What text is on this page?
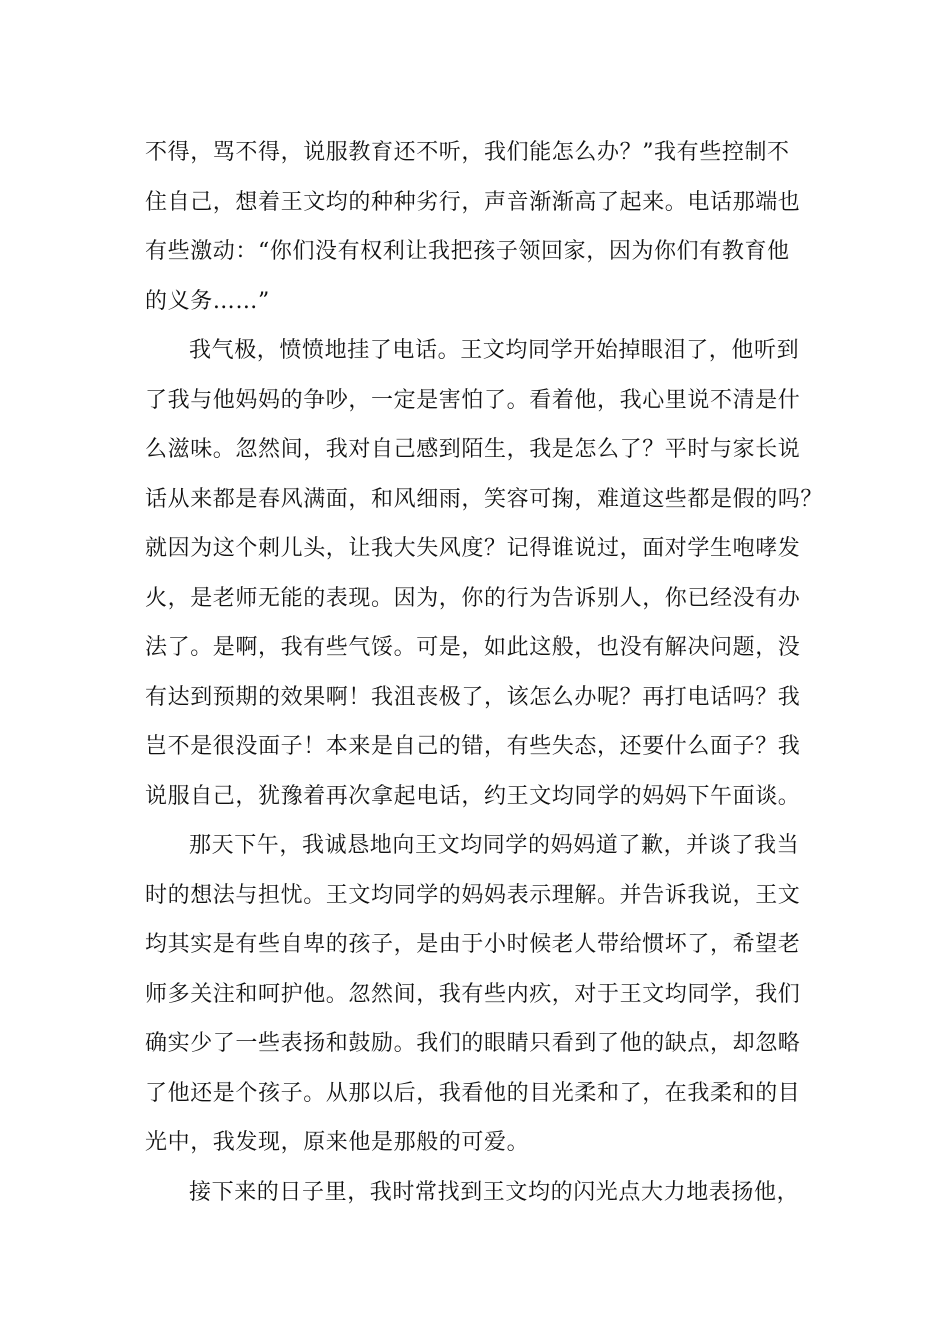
不得，骂不得，说服教育还不听，我们能怎么办？”我有些控制不
住自己，想着王文均的种种劣行，声音渐渐高了起来。电话那端也
有些激动：“你们没有权利让我把孩子领回家，因为你们有教育他
的义务……”
我气极，愤愤地挂了电话。王文均同学开始掉眼泪了，他听到
了我与他妈妈的争吵，一定是害怕了。看着他，我心里说不清是什
么滋味。忽然间，我对自己感到陌生，我是怎么了？平时与家长说
话从来都是春风满面，和风细雨，笑容可掬，难道这些都是假的吗？
就因为这个刺儿头，让我大失风度？记得谁说过，面对学生咆哮发
火，是老师无能的表现。因为，你的行为告诉别人，你已经没有办
法了。是啊，我有些气馁。可是，如此这般，也没有解决问题，没
有达到预期的效果啊！我沮丧极了，该怎么办呢？再打电话吗？我
岂不是很没面子！本来是自己的错，有些失态，还要什么面子？我
说服自己，犹豫着再次拿起电话，约王文均同学的妈妈下午面谈。
那天下午，我诚恳地向王文均同学的妈妈道了歉，并谈了我当
时的想法与担忧。王文均同学的妈妈表示理解。并告诉我说，王文
均其实是有些自卑的孩子，是由于小时候老人带给惯坏了，希望老
师多关注和呵护他。忽然间，我有些内疚，对于王文均同学，我们
确实少了一些表扬和鼓励。我们的眼睛只看到了他的缺点，却忽略
了他还是个孩子。从那以后，我看他的目光柔和了，在我柔和的目
光中，我发现，原来他是那般的可爱。
接下来的日子里，我时常找到王文均的闪光点大力地表扬他，
